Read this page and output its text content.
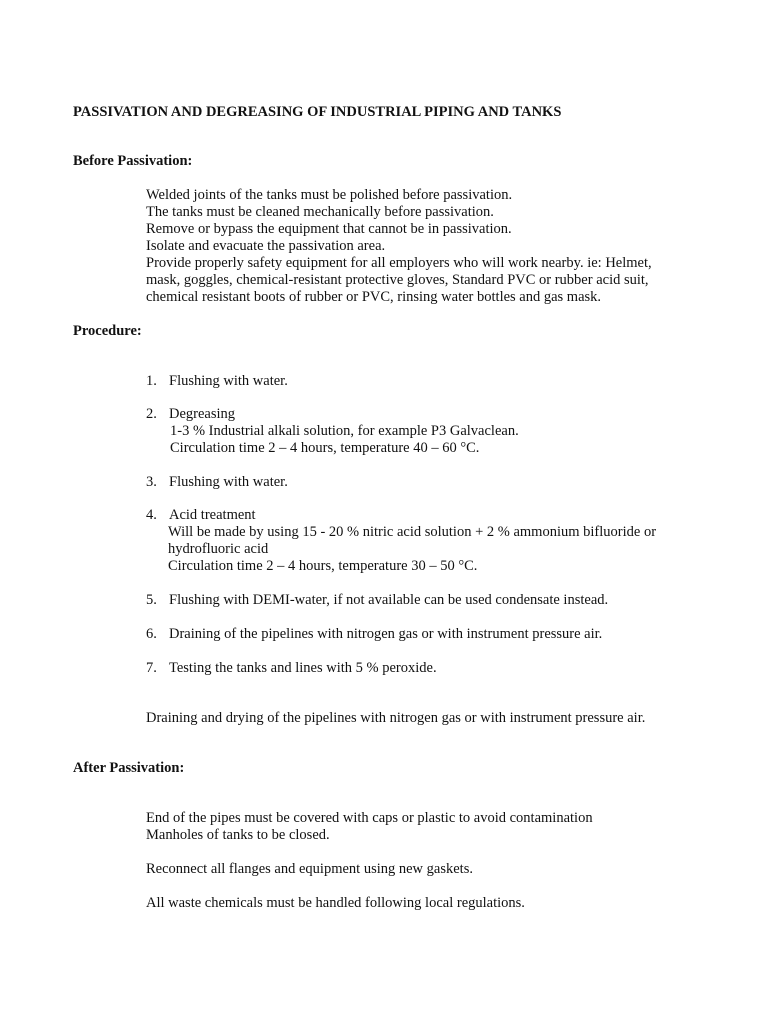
PASSIVATION AND DEGREASING OF INDUSTRIAL PIPING AND TANKS
Before Passivation:
Welded joints of the tanks must be polished before passivation.
The tanks must be cleaned mechanically before passivation.
Remove or bypass the equipment that cannot be in passivation.
Isolate and evacuate the passivation area.
Provide properly safety equipment for all employers who will work nearby. ie: Helmet,
mask, goggles, chemical-resistant protective gloves, Standard PVC or rubber acid suit,
chemical resistant boots of rubber or PVC, rinsing water bottles and gas mask.
Procedure:
1. Flushing with water.
2. Degreasing
1-3 % Industrial alkali solution, for example P3 Galvaclean.
Circulation time 2 – 4 hours, temperature 40 – 60 °C.
3. Flushing with water.
4. Acid treatment
Will be made by using 15 - 20 % nitric acid solution + 2 % ammonium bifluoride or
hydrofluoric acid
Circulation time 2 – 4 hours, temperature 30 – 50 °C.
5. Flushing with DEMI-water, if not available can be used condensate instead.
6. Draining of the pipelines with nitrogen gas or with instrument pressure air.
7. Testing the tanks and lines with 5 % peroxide.
Draining and drying of the pipelines with nitrogen gas or with instrument pressure air.
After Passivation:
End of the pipes must be covered with caps or plastic to avoid contamination
Manholes of tanks to be closed.
Reconnect all flanges and equipment using new gaskets.
All waste chemicals must be handled following local regulations.
